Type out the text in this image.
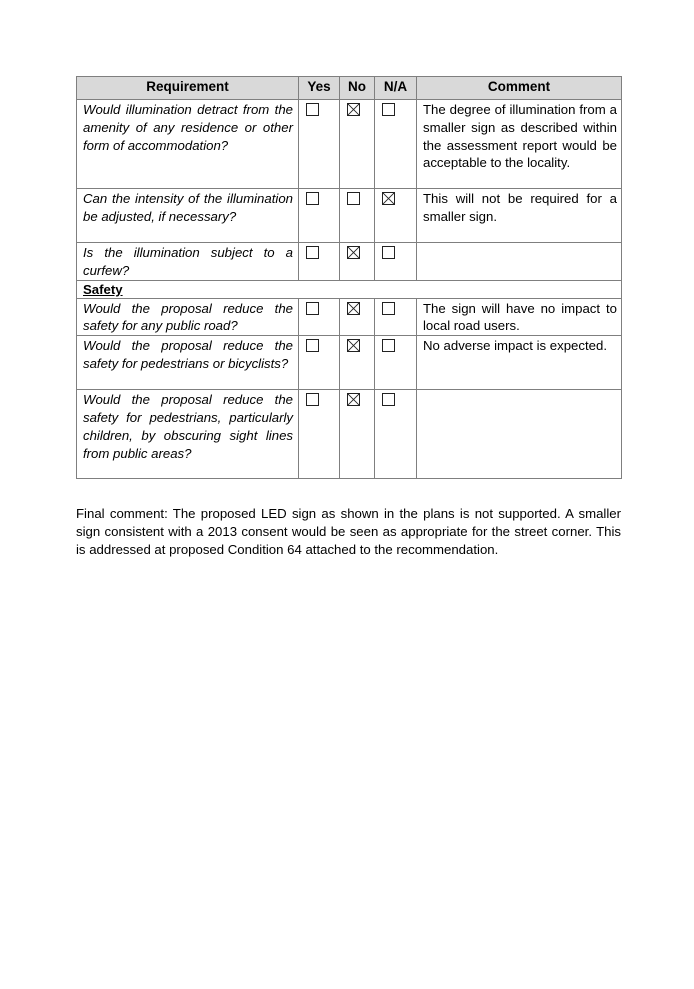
Requirement	Yes	No	N/A	Comment
Would illumination detract from the amenity of any residence or other form of accommodation?				The degree of illumination from a smaller sign as described within the assessment report would be acceptable to the locality.
Can the intensity of the illumination be adjusted, if necessary?				This will not be required for a smaller sign.
Is the illumination subject to a curfew?		

Safety				
Would the proposal reduce the safety for any public road?				The sign will have no impact to local road users.
Would the proposal reduce the safety for pedestrians or bicyclists?				No adverse impact is expected.
Would the proposal reduce the safety for pedestrians, particularly children, by obscuring sight lines from public areas?		

Final comment: The proposed LED sign as shown in the plans is not supported. A smaller sign consistent with a 2013 consent would be seen as appropriate for the street corner. This is addressed at proposed Condition 64 attached to the recommendation.
